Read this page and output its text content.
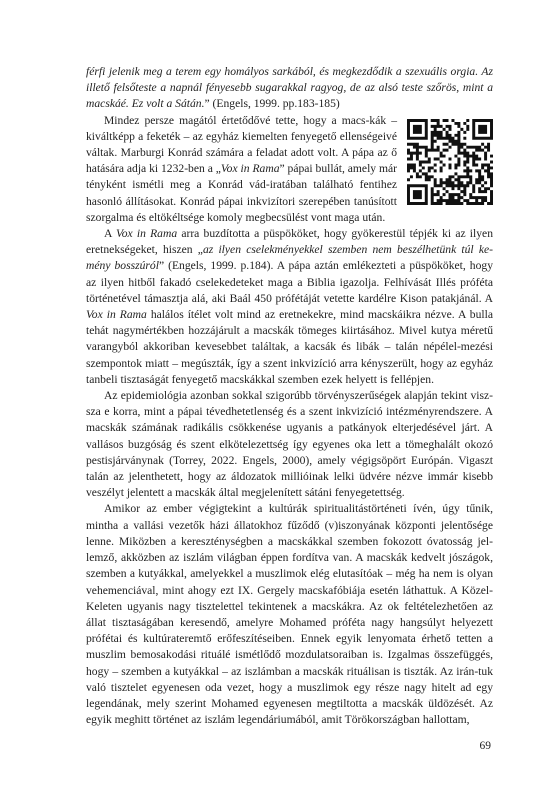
férfi jelenik meg a terem egy homályos sarkából, és megkezdődik a szexuális orgia. Az illető felsőteste a napnál fényesebb sugarakkal ragyog, de az alsó teste szőrös, mint a macskáé. Ez volt a Sátán.” (Engels, 1999. pp.183-185)

Mindez persze magától értetődővé tette, hogy a macs-kák – kiváltképp a feketék – az egyház kiemelten fenyegető ellenségeivé váltak. Marburgi Konrád számára a feladat adott volt. A pápa az ő hatására adja ki 1232-ben a „Vox in Rama” pápai bullát, amely már tényként ismétli meg a Konrád vád-iratában található fentihez hasonló állításokat. Konrád pápai inkvizítori szerepében tanúsított szorgalma és eltökéltsége komoly megbecsülést vont maga után.

A Vox in Rama arra buzdította a püspököket, hogy gyökerestül tépjék ki az ilyen eretnekségeket, hiszen „az ilyen cselekményekkel szemben nem beszélhetünk túl ke-mény bosszúról” (Engels, 1999. p.184). A pápa aztán emlékezteti a püspököket, hogy az ilyen hitből fakadó cselekedeteket maga a Biblia igazolja. Felhívását Illés próféta történetével támasztja alá, aki Baál 450 prófétáját vetette kardélre Kison patakjánál. A Vox in Rama halálos ítélet volt mind az eretnekekre, mind macskáikra nézve. A bulla tehát nagymértékben hozzájárult a macskák tömeges kiirtásához. Mivel kutya méretű varangyból akkoriban kevesebbet találtak, a kacsák és libák – talán népélel-mezési szempontok miatt – megúszták, így a szent inkvizíció arra kényszerült, hogy az egyház tanbeli tisztaságát fenyegető macskákkal szemben ezek helyett is fellépjen.

Az epidemiológia azonban sokkal szigorúbb törvényszerűségek alapján tekint visz-sza e korra, mint a pápai tévedhetetlenség és a szent inkvizíció intézményrendszere. A macskák számának radikális csökkenése ugyanis a patkányok elterjedésével járt. A vallásos buzgóság és szent elkötelezettség így egyenes oka lett a tömeghalált okozó pestisjárványnak (Torrey, 2022. Engels, 2000), amely végigsöpört Európán. Vigaszt talán az jelenthetett, hogy az áldozatok millióinak lelki üdvére nézve immár kisebb veszélyt jelentett a macskák által megjelenített sátáni fenyegetettség.

Amikor az ember végigtekint a kultúrák spiritualitástörténeti ívén, úgy tűnik, mintha a vallási vezetők házi állatokhoz fűződő (v)iszonyának központi jelentősége lenne. Miközben a kereszténységben a macskákkal szemben fokozott óvatosság jel-lemző, akközben az iszlám világban éppen fordítva van. A macskák kedvelt jószágok, szemben a kutyákkal, amelyekkel a muszlimok elég elutasítóak – még ha nem is olyan vehemenciával, mint ahogy ezt IX. Gergely macskafóbiája esetén láthattuk. A Közel-Keleten ugyanis nagy tisztelettel tekintenek a macskákra. Az ok feltételezhetően az állat tisztaságában keresendő, amelyre Mohamed próféta nagy hangsúlyt helyezett prófétai és kultúrateremtő erőfeszítéseiben. Ennek egyik lenyomata érhető tetten a muszlim bemosakodási rituálé ismétlődő mozdulatsoraiban is. Izgalmas összefüggés, hogy – szemben a kutyákkal – az iszlámban a macskák rituálisan is tiszták. Az irán-tuk való tisztelet egyenesen oda vezet, hogy a muszlimok egy része nagy hitelt ad egy legendának, mely szerint Mohamed egyenesen megtiltotta a macskák üldözését. Az egyik meghitt történet az iszlám legendáriumából, amit Törökországban hallottam,

69
